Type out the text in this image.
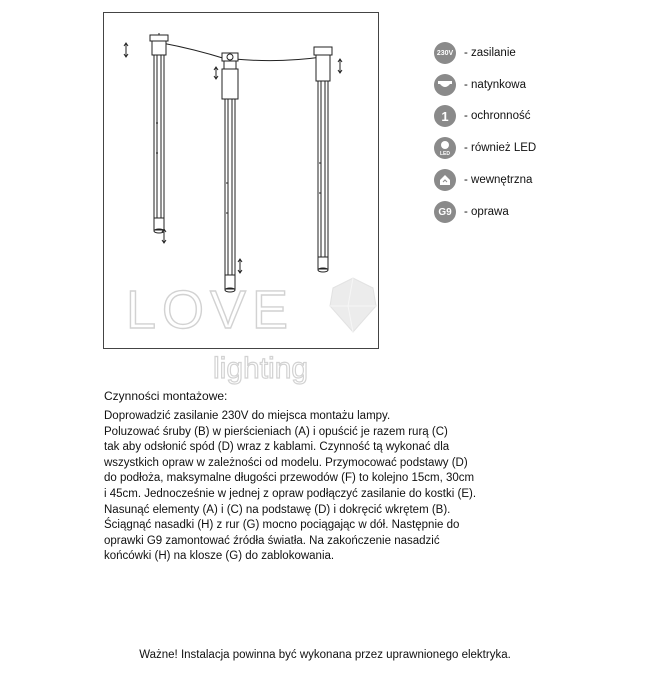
LOVE
lighting
230V - zasilanie
- natynkowa
1	- ochronność
LED - również LED
- wewnętrzna
G9	- oprawa
Czynności montażowe:

Doprowadzić zasilanie 230V do miejsca montażu lampy.

Poluzować śruby (B) w pierścieniach (A) i opuścić je razem rurą (C)

tak aby odsłonić spód (D) wraz z kablami. Czynność tą wykonać dla

wszystkich opraw w zależności od modelu. Przymocować podstawy (D)

do podłoża, maksymalne długości przewodów (F) to kolejno 15cm, 30cm

i 45cm. Jednocześnie w jednej z opraw podłączyć zasilanie do kostki (E).

Nasunąć elementy (A) i (C) na podstawę (D) i dokręcić wkrętem (B).

Ściągnąć nasadki (H) z rur (G) mocno pociągając w dół. Następnie do

oprawki G9 zamontować źródła światła. Na zakończenie nasadzić

końcówki (H) na klosze (G) do zablokowania.

Ważne! Instalacja powinna być wykonana przez uprawnionego elektryka.
